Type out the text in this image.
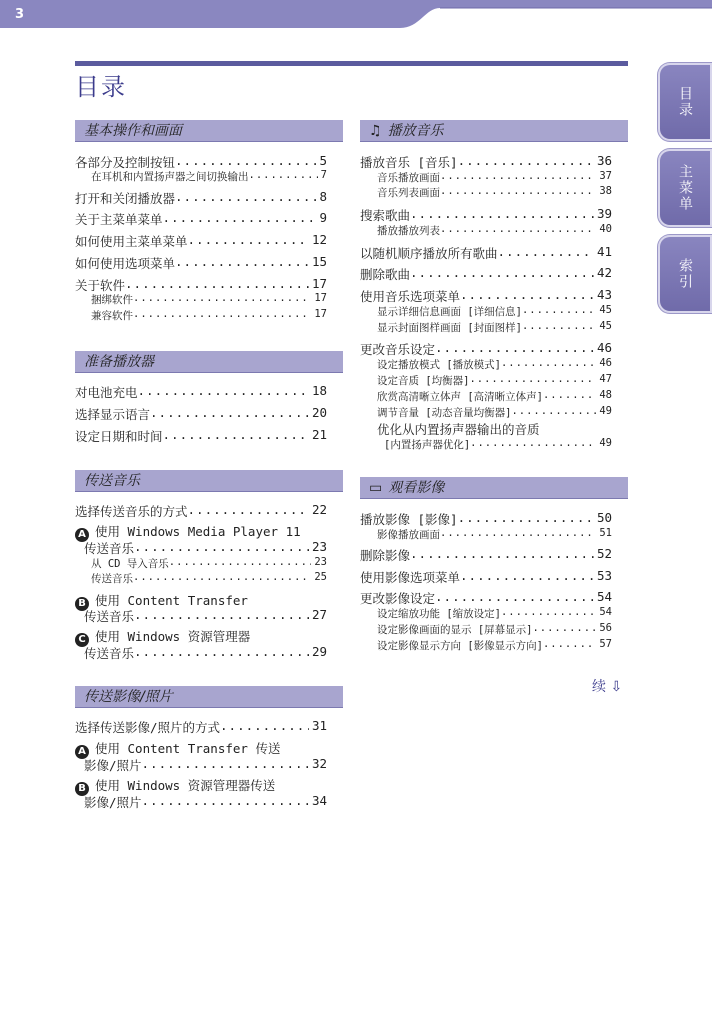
3
目录	目录
主菜单
索引
基本操作和画面
各部分及控制按钮 .....	5
在耳机和内置扬声器之间切换输出 .....	7
打开和关闭播放器 .....	8
关于主菜单菜单 .....	9
如何使用主菜单菜单 .....	12
如何使用选项菜单 .....	15
关于软件 .....	17
捆绑软件 .....	17
兼容软件 .....	17
准备播放器
对电池充电 .....	18
选择显示语言 .....	20
设定日期和时间 .....	21
传送音乐
选择传送音乐的方式 .....	22
A 使用 Windows Media Player 11
传送音乐 .....	23
从 CD 导入音乐 .....	23
传送音乐 .....	25
B 使用 Content Transfer
传送音乐 .....	27
C 使用 Windows 资源管理器
传送音乐 .....	29
传送影像/照片
选择传送影像/照片的方式 .....	31
A 使用 Content Transfer 传送
影像/照片 .....	32
B 使用 Windows 资源管理器传送
影像/照片 .....	34
♫ 播放音乐
播放音乐 [音乐] .....	36
音乐播放画面 .....	37
音乐列表画面 .....	38
搜索歌曲 .....	39
播放播放列表 .....	40
以随机顺序播放所有歌曲 .....	41
删除歌曲 .....	42
使用音乐选项菜单 .....	43
显示详细信息画面 [详细信息] .....	45
显示封面图样画面 [封面图样] .....	45
更改音乐设定 .....	46
设定播放模式 [播放模式] .....	46
设定音质 [均衡器] .....	47
欣赏高清晰立体声 [高清晰立体声] .....	48
调节音量 [动态音量均衡器] .....	49
优化从内置扬声器输出的音质
[内置扬声器优化] .....	49
▭ 观看影像
播放影像 [影像] .....	50
影像播放画面 .....	51
删除影像 .....	52
使用影像选项菜单 .....	53
更改影像设定 .....	54
设定缩放功能 [缩放设定] .....	54
设定影像画面的显示 [屏幕显示] .....	56
设定影像显示方向 [影像显示方向] .....	57
续 ⇩
